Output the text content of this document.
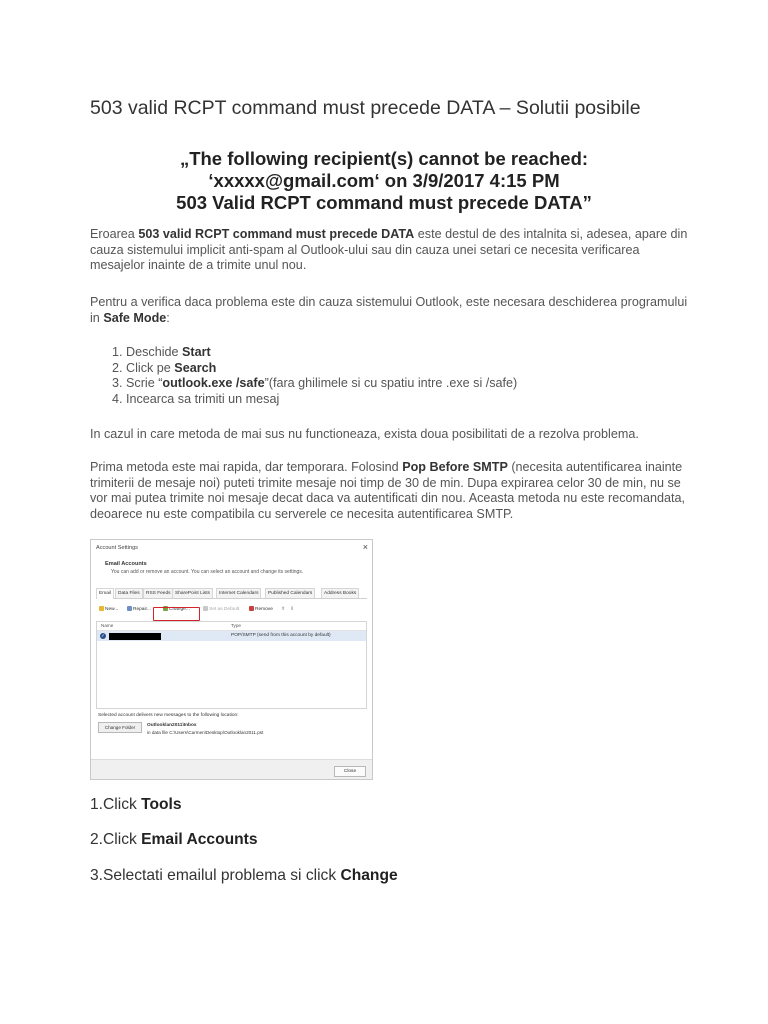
503 valid RCPT command must precede DATA – Solutii posibile
„The following recipient(s) cannot be reached:
‘xxxxx@gmail.com‘ on 3/9/2017 4:15 PM
503 Valid RCPT command must precede DATA”
Eroarea 503 valid RCPT command must precede DATA este destul de des intalnita si, adesea, apare din cauza sistemului implicit anti-spam al Outlook-ului sau din cauza unei setari ce necesita verificarea mesajelor inainte de a trimite unul nou.
Pentru a verifica daca problema este din cauza sistemului Outlook, este necesara deschiderea programului in Safe Mode:
1. Deschide Start
2. Click pe Search
3. Scrie “outlook.exe /safe”(fara ghilimele si cu spatiu intre .exe si /safe)
4. Incearca sa trimiti un mesaj
In cazul in care metoda de mai sus nu functioneaza, exista doua posibilitati de a rezolva problema.
Prima metoda este mai rapida, dar temporara. Folosind Pop Before SMTP (necesita autentificarea inainte trimiterii de mesaje noi) puteti trimite mesaje noi timp de 30 de min. Dupa expirarea celor 30 de min, nu se vor mai putea trimite noi mesaje decat daca va autentificati din nou. Aceasta metoda nu este recomandata, deoarece nu este compatibila cu serverele ce necesita autentificarea SMTP.
Account Settings	×
Email Accounts
You can add or remove an account. You can select an account and change its settings.
Email	Data Files	RSS Feeds SharePoint Lists	Internet Calendars	Published Calendars	Address Books
New...	Repair...	Change...	Set as Default	Remove ⬆ ⬇
Name	Type
✓	POP/SMTP (send from this account by default)
Selected account delivers new messages to the following location:
Change Folder	Outlooklan2011\Inbox
in data file C:\Users\Carmen\Desktop\Outlooklan2011.pst
Close
1.Click Tools
2.Click Email Accounts
3.Selectati emailul problema si click Change
